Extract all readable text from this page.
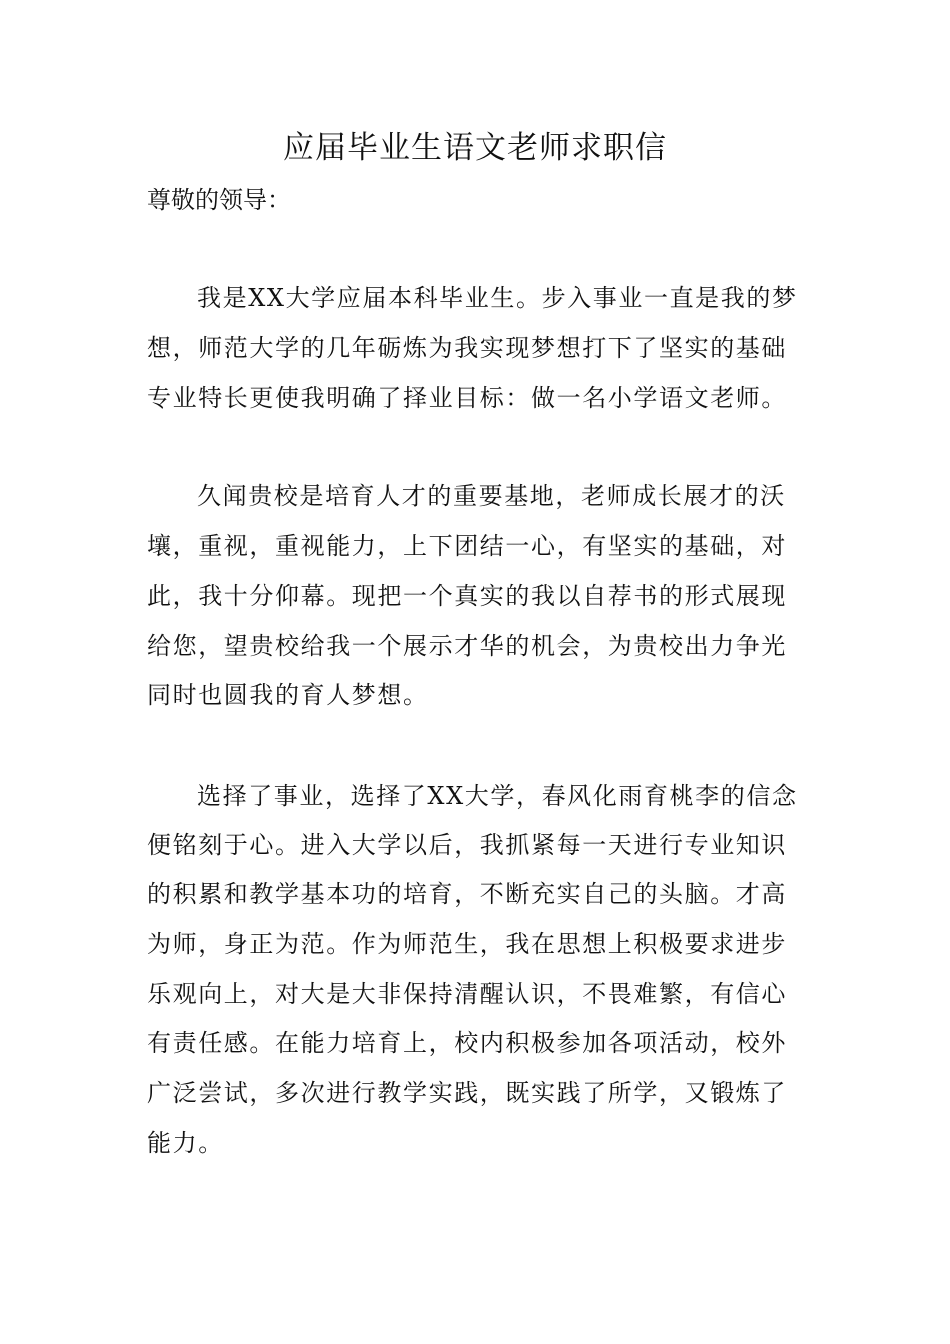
应届毕业生语文老师求职信
尊敬的领导：
我是XX大学应届本科毕业生。步入事业一直是我的梦
想，师范大学的几年砺炼为我实现梦想打下了坚实的基础
专业特长更使我明确了择业目标：做一名小学语文老师。
久闻贵校是培育人才的重要基地，老师成长展才的沃
壤，重视，重视能力，上下团结一心，有坚实的基础，对
此，我十分仰幕。现把一个真实的我以自荐书的形式展现
给您，望贵校给我一个展示才华的机会，为贵校出力争光
同时也圆我的育人梦想。
选择了事业，选择了XX大学，春风化雨育桃李的信念
便铭刻于心。进入大学以后，我抓紧每一天进行专业知识
的积累和教学基本功的培育，不断充实自己的头脑。才高
为师，身正为范。作为师范生，我在思想上积极要求进步
乐观向上，对大是大非保持清醒认识，不畏难繁，有信心
有责任感。在能力培育上，校内积极参加各项活动，校外
广泛尝试，多次进行教学实践，既实践了所学，又锻炼了
能力。
